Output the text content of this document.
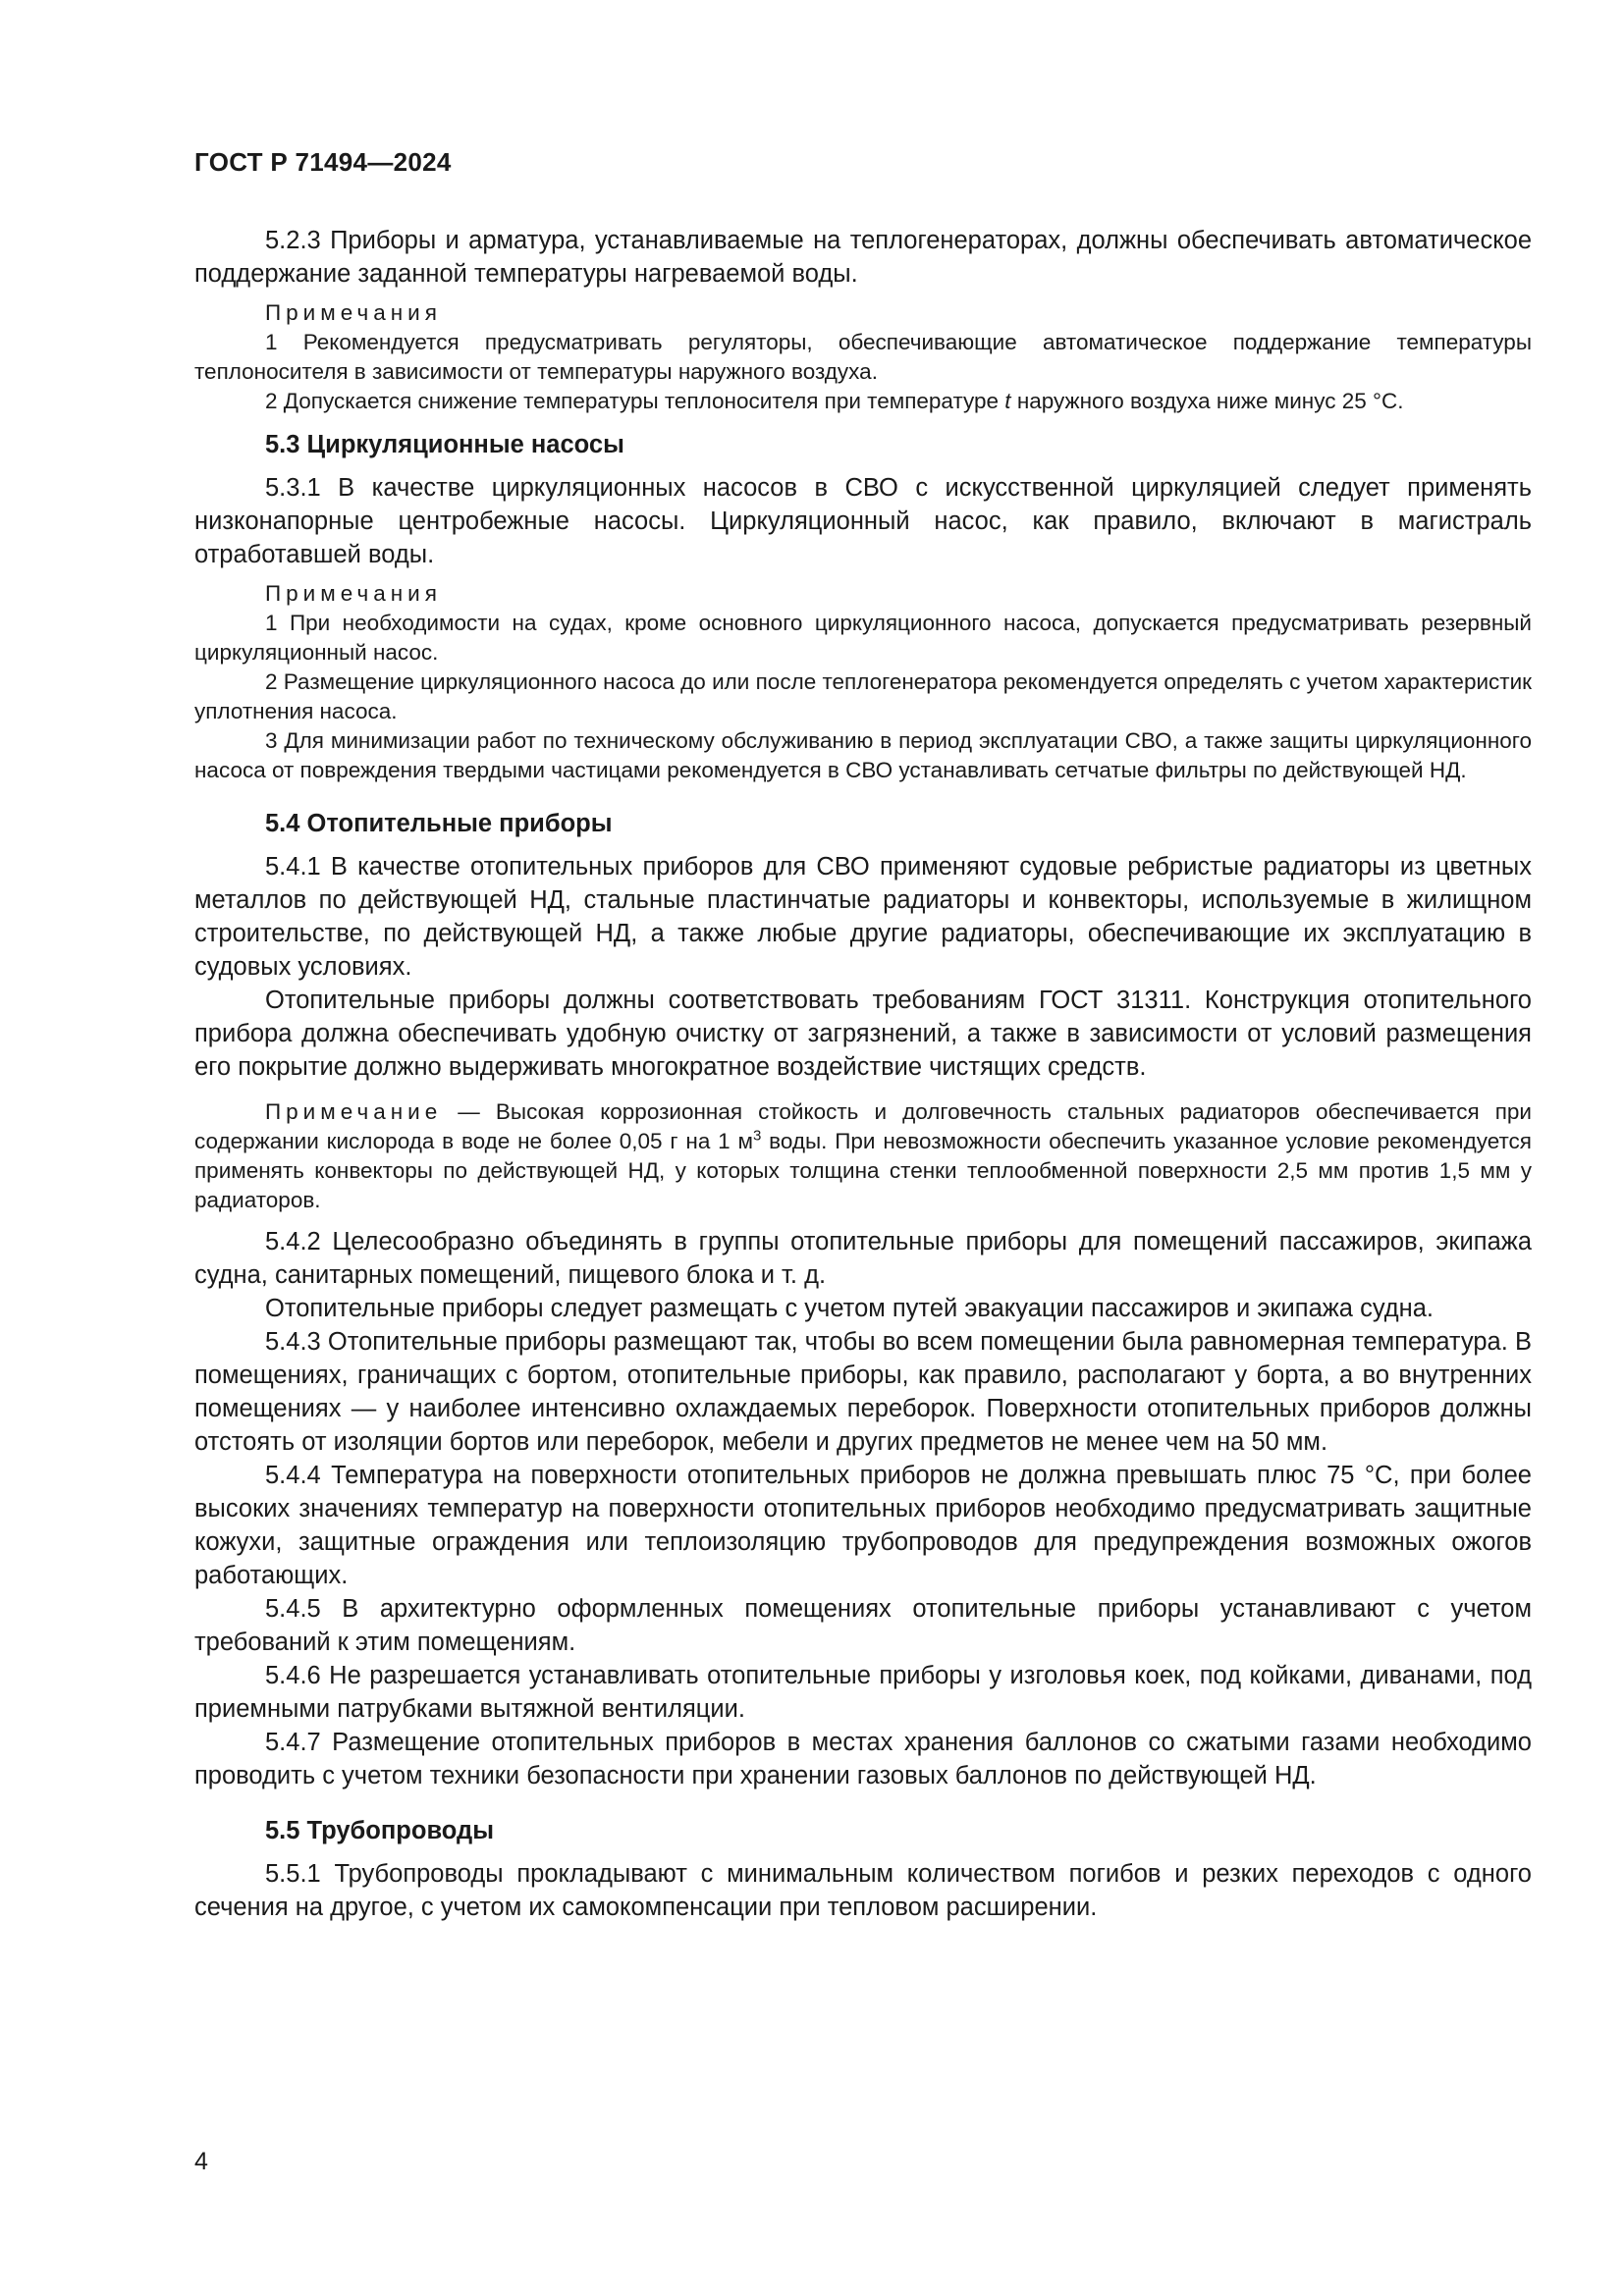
ГОСТ Р 71494—2024

5.2.3 Приборы и арматура, устанавливаемые на теплогенераторах, должны обеспечивать автоматическое поддержание заданной температуры нагреваемой воды.

Примечания

1 Рекомендуется предусматривать регуляторы, обеспечивающие автоматическое поддержание температуры теплоносителя в зависимости от температуры наружного воздуха.

2 Допускается снижение температуры теплоносителя при температуре t наружного воздуха ниже минус 25 °С.

5.3 Циркуляционные насосы

5.3.1 В качестве циркуляционных насосов в СВО с искусственной циркуляцией следует применять низконапорные центробежные насосы. Циркуляционный насос, как правило, включают в магистраль отработавшей воды.

Примечания

1 При необходимости на судах, кроме основного циркуляционного насоса, допускается предусматривать резервный циркуляционный насос.

2 Размещение циркуляционного насоса до или после теплогенератора рекомендуется определять с учетом характеристик уплотнения насоса.

3 Для минимизации работ по техническому обслуживанию в период эксплуатации СВО, а также защиты циркуляционного насоса от повреждения твердыми частицами рекомендуется в СВО устанавливать сетчатые фильтры по действующей НД.

5.4 Отопительные приборы

5.4.1 В качестве отопительных приборов для СВО применяют судовые ребристые радиаторы из цветных металлов по действующей НД, стальные пластинчатые радиаторы и конвекторы, используемые в жилищном строительстве, по действующей НД, а также любые другие радиаторы, обеспечивающие их эксплуатацию в судовых условиях.

Отопительные приборы должны соответствовать требованиям ГОСТ 31311. Конструкция отопительного прибора должна обеспечивать удобную очистку от загрязнений, а также в зависимости от условий размещения его покрытие должно выдерживать многократное воздействие чистящих средств.

Примечание — Высокая коррозионная стойкость и долговечность стальных радиаторов обеспечивается при содержании кислорода в воде не более 0,05 г на 1 $м^3$ воды. При невозможности обеспечить указанное условие рекомендуется применять конвекторы по действующей НД, у которых толщина стенки теплообменной поверхности 2,5 мм против 1,5 мм у радиаторов.

5.4.2 Целесообразно объединять в группы отопительные приборы для помещений пассажиров, экипажа судна, санитарных помещений, пищевого блока и т. д.

Отопительные приборы следует размещать с учетом путей эвакуации пассажиров и экипажа судна.

5.4.3 Отопительные приборы размещают так, чтобы во всем помещении была равномерная температура. В помещениях, граничащих с бортом, отопительные приборы, как правило, располагают у борта, а во внутренних помещениях — у наиболее интенсивно охлаждаемых переборок. Поверхности отопительных приборов должны отстоять от изоляции бортов или переборок, мебели и других предметов не менее чем на 50 мм.

5.4.4 Температура на поверхности отопительных приборов не должна превышать плюс 75 °С, при более высоких значениях температур на поверхности отопительных приборов необходимо предусматривать защитные кожухи, защитные ограждения или теплоизоляцию трубопроводов для предупреждения возможных ожогов работающих.

5.4.5 В архитектурно оформленных помещениях отопительные приборы устанавливают с учетом требований к этим помещениям.

5.4.6 Не разрешается устанавливать отопительные приборы у изголовья коек, под койками, диванами, под приемными патрубками вытяжной вентиляции.

5.4.7 Размещение отопительных приборов в местах хранения баллонов со сжатыми газами необходимо проводить с учетом техники безопасности при хранении газовых баллонов по действующей НД.

5.5 Трубопроводы

5.5.1 Трубопроводы прокладывают с минимальным количеством погибов и резких переходов с одного сечения на другое, с учетом их самокомпенсации при тепловом расширении.

4
